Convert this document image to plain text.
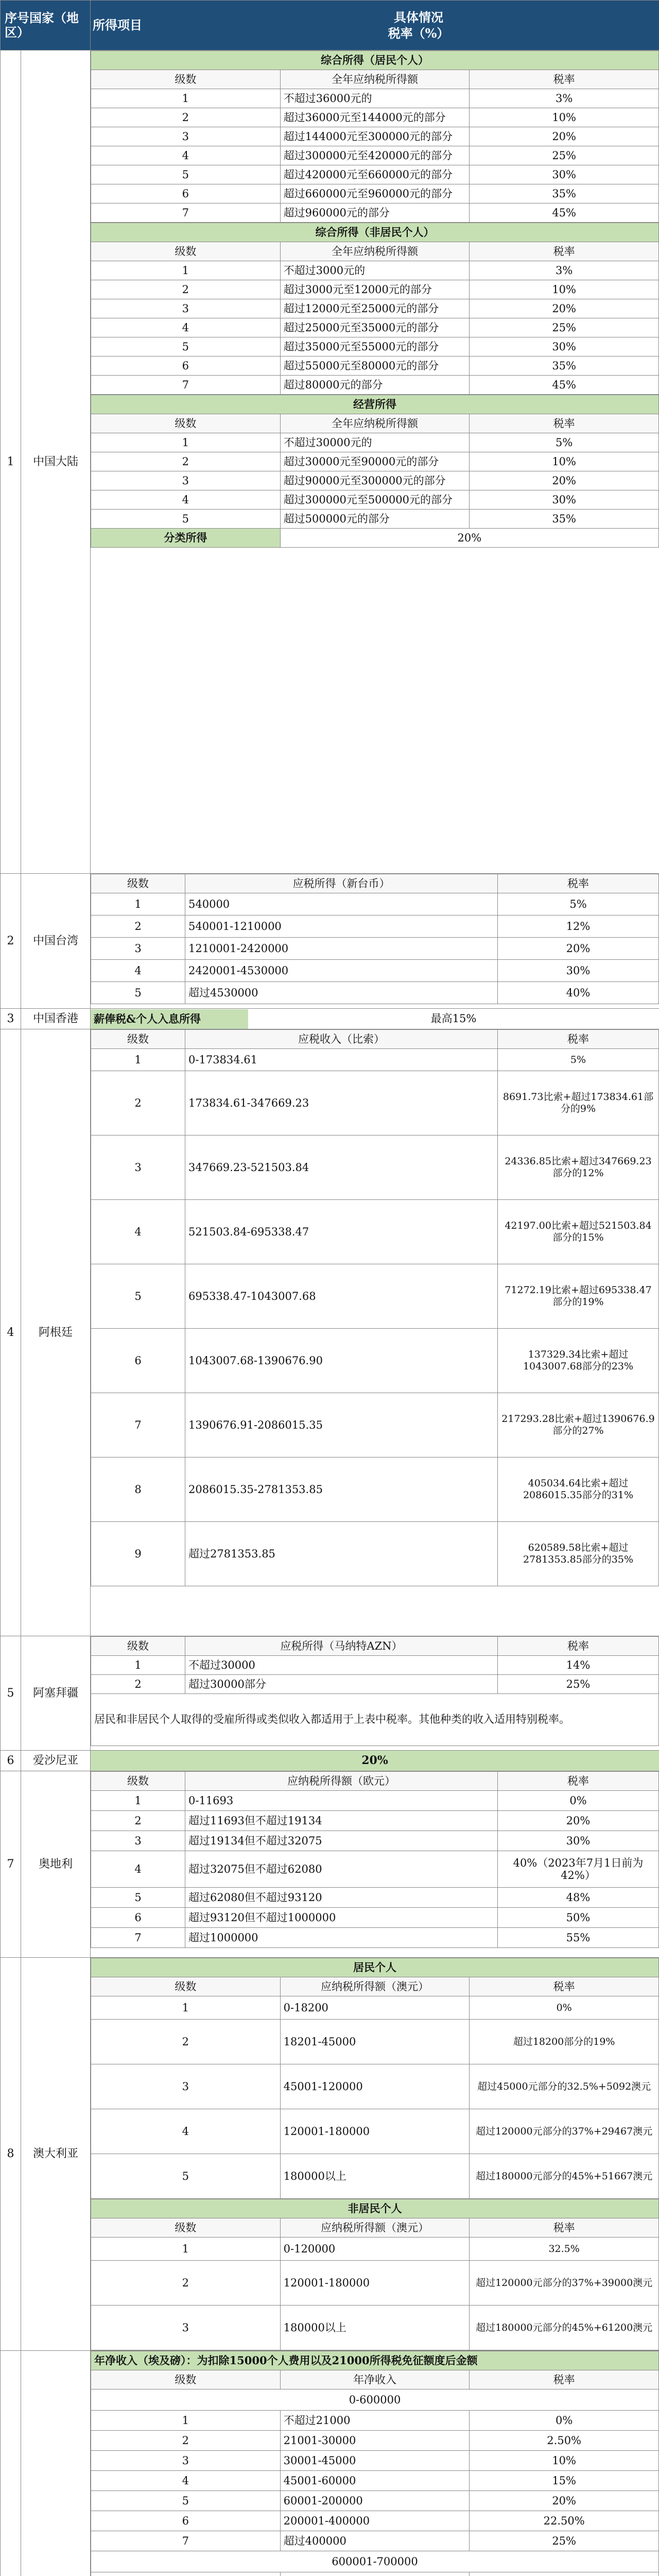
序号国家（地区）	所得项目
具体情况
税率（%）

1	中国大陆	
综合所得（居民个人）
级数	全年应纳税所得额	税率
1	不超过36000元的	3%
2	超过36000元至144000元的部分	10%
3	超过144000元至300000元的部分	20%
4	超过300000元至420000元的部分	25%
5	超过420000元至660000元的部分	30%
6	超过660000元至960000元的部分	35%
7	超过960000元的部分	45%
综合所得（非居民个人）
级数	全年应纳税所得额	税率
1	不超过3000元的	3%
2	超过3000元至12000元的部分	10%
3	超过12000元至25000元的部分	20%
4	超过25000元至35000元的部分	25%
5	超过35000元至55000元的部分	30%
6	超过55000元至80000元的部分	35%
7	超过80000元的部分	45%
经营所得
级数	全年应纳税所得额	税率
1	不超过30000元的	5%
2	超过30000元至90000元的部分	10%
3	超过90000元至300000元的部分	20%
4	超过300000元至500000元的部分	30%
5	超过500000元的部分	35%
分类所得	20%

2	中国台湾	
级数	应税所得（新台币）	税率
1	540000	5%
2	540001-1210000	12%
3	1210001-2420000	20%
4	2420001-4530000	30%
5	超过4530000	40%

3	中国香港	薪俸税&个人入息所得	最高15%

4	阿根廷	
级数	应税收入（比索）	税率
1	0-173834.61	5%
2	173834.61-347669.23	8691.73比索+超过173834.61部分的9%
3	347669.23-521503.84	24336.85比索+超过347669.23部分的12%
4	521503.84-695338.47	42197.00比索+超过521503.84部分的15%
5	695338.47-1043007.68	71272.19比索+超过695338.47部分的19%
6	1043007.68-1390676.90	137329.34比索+超过1043007.68部分的23%
7	1390676.91-2086015.35	217293.28比索+超过1390676.9部分的27%
8	2086015.35-2781353.85	405034.64比索+超过2086015.35部分的31%
9	超过2781353.85	620589.58比索+超过2781353.85部分的35%

5	阿塞拜疆	
级数	应税所得（马纳特AZN）	税率
1	不超过30000	14%
2	超过30000部分	25%
居民和非居民个人取得的受雇所得或类似收入都适用于上表中税率。其他种类的收入适用特别税率。

6	爱沙尼亚	20%
7	奥地利	
级数	应纳税所得额（欧元）	税率
1	0-11693	0%
2	超过11693但不超过19134	20%
3	超过19134但不超过32075	30%
4	超过32075但不超过62080	40%（2023年7月1日前为42%）
5	超过62080但不超过93120	48%
6	超过93120但不超过1000000	50%
7	超过1000000	55%

8	澳大利亚	
居民个人
级数	应纳税所得额（澳元）	税率
1	0-18200	0%
2	18201-45000	超过18200部分的19%
3	45001-120000	超过45000元部分的32.5%+5092澳元
4	120001-180000	超过120000元部分的37%+29467澳元
5	180000以上	超过180000元部分的45%+51667澳元
非居民个人
级数	应纳税所得额（澳元）	税率
1	0-120000	32.5%
2	120001-180000	超过120000元部分的37%+39000澳元
3	180000以上	超过180000元部分的45%+61200澳元

年净收入（埃及磅）：为扣除15000个人费用以及21000所得税免征额度后金额
级数	年净收入	税率
0-600000
1	不超过21000	0%
2	21001-30000	2.50%
3	30001-45000	10%
4	45001-60000	15%
5	60001-200000	20%
6	200001-400000	22.50%
7	超过400000	25%
600001-700000
